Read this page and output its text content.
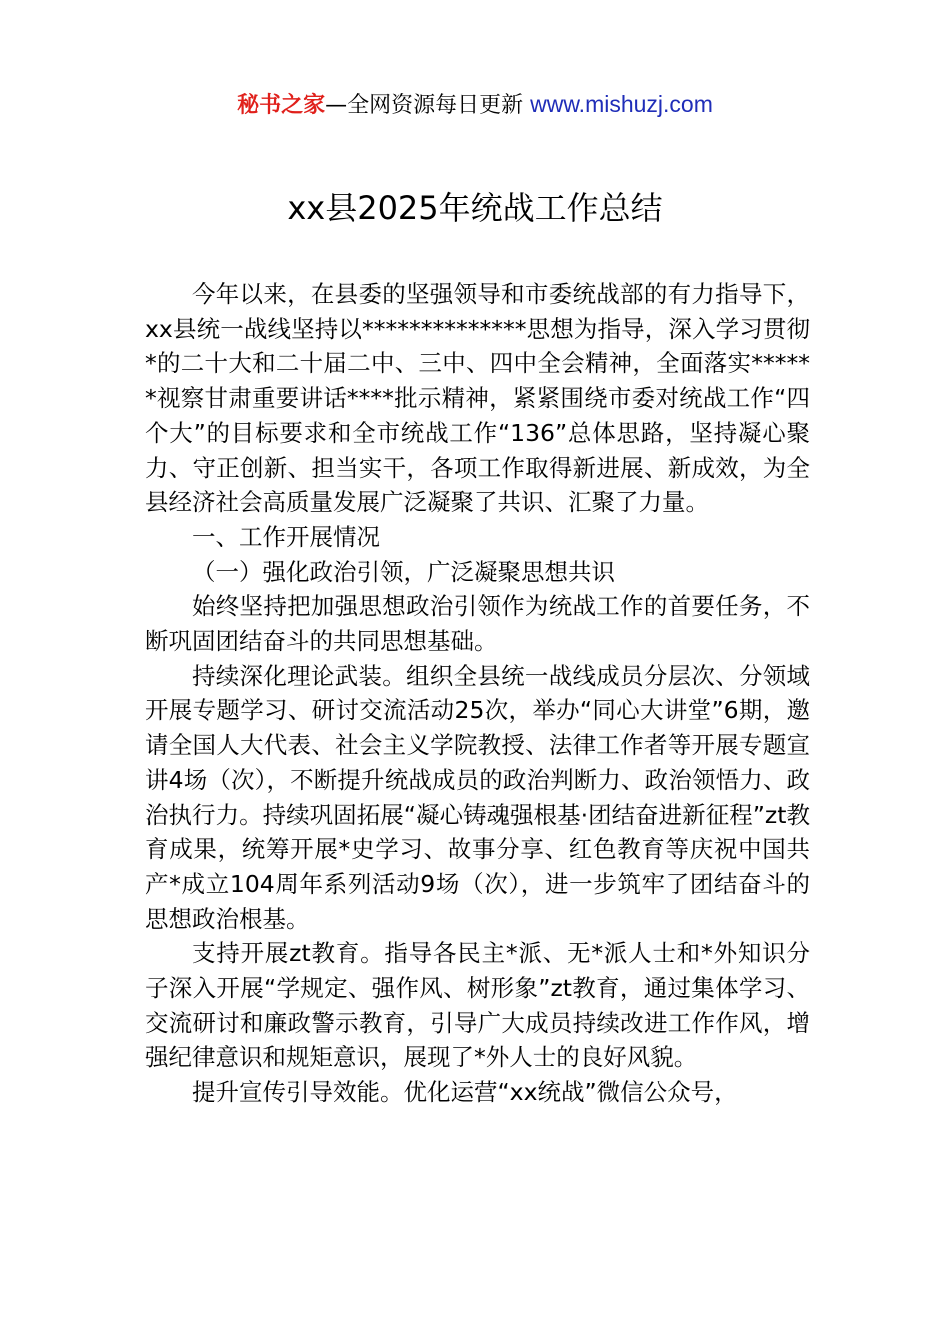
秘书之家—全网资源每日更新 www.mishuzj.com
xx县2025年统战工作总结

今年以来，在县委的坚强领导和市委统战部的有力指导下，xx县统一战线坚持以**************思想为指导，深入学习贯彻*的二十大和二十届二中、三中、四中全会精神，全面落实******视察甘肃重要讲话****批示精神，紧紧围绕市委对统战工作“四个大”的目标要求和全市统战工作“136”总体思路，坚持凝心聚力、守正创新、担当实干，各项工作取得新进展、新成效，为全县经济社会高质量发展广泛凝聚了共识、汇聚了力量。

一、工作开展情况

（一）强化政治引领，广泛凝聚思想共识

始终坚持把加强思想政治引领作为统战工作的首要任务，不断巩固团结奋斗的共同思想基础。

持续深化理论武装。组织全县统一战线成员分层次、分领域开展专题学习、研讨交流活动25次，举办“同心大讲堂”6期，邀请全国人大代表、社会主义学院教授、法律工作者等开展专题宣讲4场（次），不断提升统战成员的政治判断力、政治领悟力、政治执行力。持续巩固拓展“凝心铸魂强根基·团结奋进新征程”zt教育成果，统筹开展*史学习、故事分享、红色教育等庆祝中国共产*成立104周年系列活动9场（次），进一步筑牢了团结奋斗的思想政治根基。

支持开展zt教育。指导各民主*派、无*派人士和*外知识分子深入开展“学规定、强作风、树形象”zt教育，通过集体学习、交流研讨和廉政警示教育，引导广大成员持续改进工作作风，增强纪律意识和规矩意识，展现了*外人士的良好风貌。

提升宣传引导效能。优化运营“xx统战”微信公众号，
